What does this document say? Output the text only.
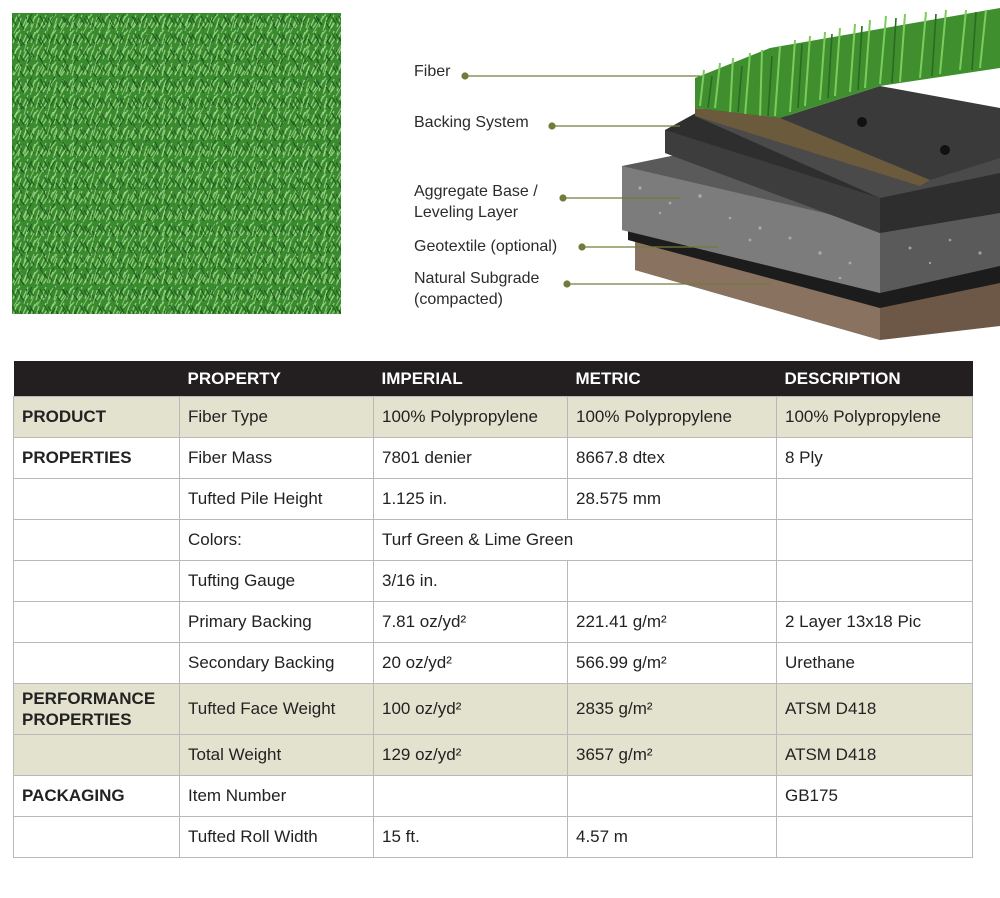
Fiber
Backing System
Aggregate Base /
Leveling Layer
Geotextile (optional)
Natural Subgrade
(compacted)
	PROPERTY	IMPERIAL	METRIC	DESCRIPTION
PRODUCT	Fiber Type	100% Polypropylene	100% Polypropylene	100% Polypropylene
PROPERTIES	Fiber Mass	7801 denier	8667.8 dtex	8 Ply
	Tufted Pile Height	1.125 in.	28.575 mm	
	Colors:	Turf Green & Lime Green		
	Tufting Gauge	3/16 in.		
	Primary Backing	7.81 oz/yd²	221.41 g/m²	2 Layer 13x18 Pic
	Secondary Backing	20 oz/yd²	566.99 g/m²	Urethane

PERFORMANCE
PROPERTIES	Tufted Face Weight	100 oz/yd²	2835 g/m²	ATSM D418
	Total Weight	129 oz/yd²	3657 g/m²	ATSM D418
PACKAGING	Item Number			GB175
	Tufted Roll Width	15 ft.	4.57 m	
